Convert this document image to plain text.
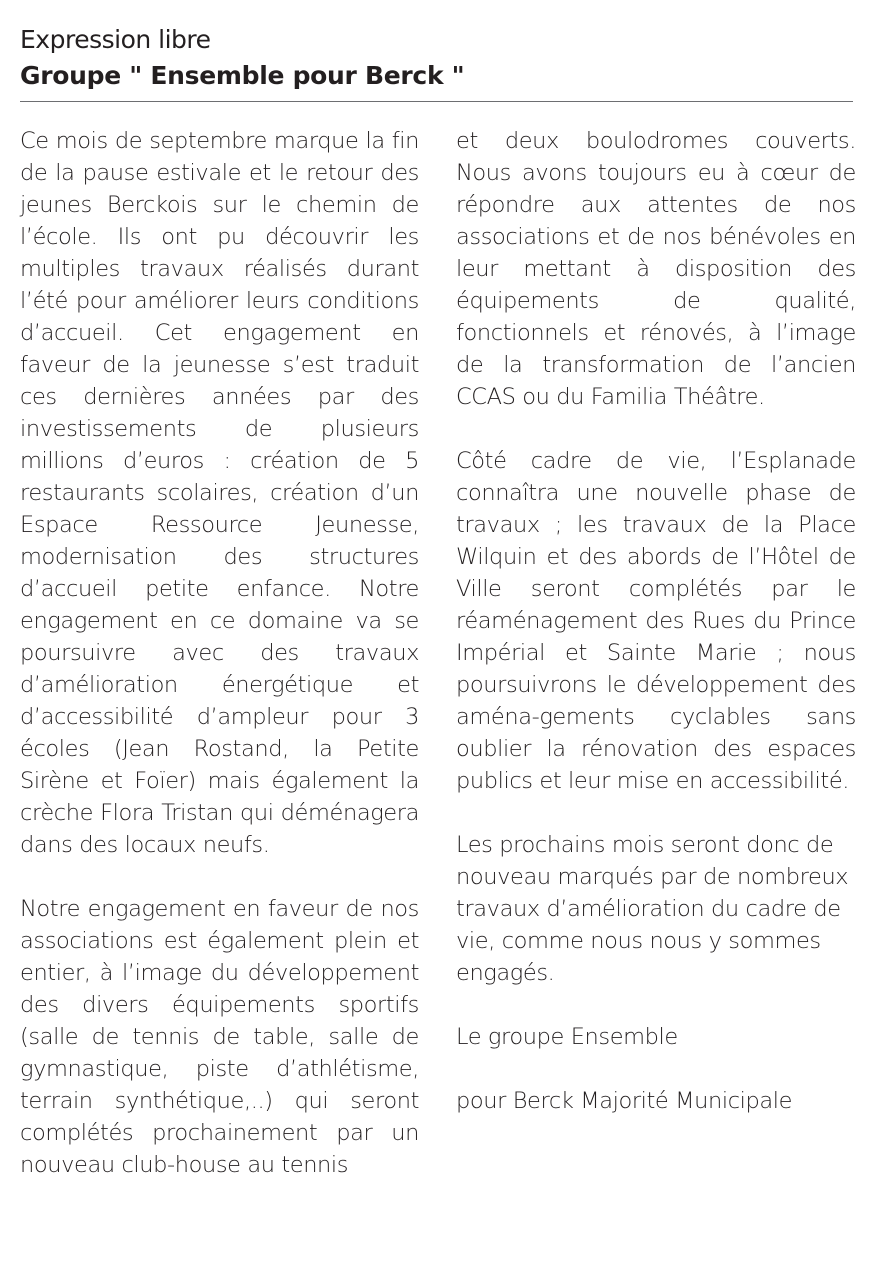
Expression libre
Groupe " Ensemble pour Berck "

Ce mois de septembre marque la fin de la pause estivale et le retour des jeunes Berckois sur le chemin de l’école. Ils ont pu découvrir les multiples travaux réalisés durant l’été pour améliorer leurs conditions d’accueil. Cet engagement en faveur de la jeunesse s’est traduit ces dernières années par des investissements de plusieurs millions d’euros : création de 5 restaurants scolaires, création d’un Espace Ressource Jeunesse, modernisation des structures d’accueil petite enfance. Notre engagement en ce domaine va se poursuivre avec des travaux d’amélioration énergétique et d’accessibilité d’ampleur pour 3 écoles (Jean Rostand, la Petite Sirène et Foïer) mais également la crèche Flora Tristan qui déménagera dans des locaux neufs.

Notre engagement en faveur de nos associations est également plein et entier, à l’image du développement des divers équipements sportifs (salle de tennis de table, salle de gymnastique, piste d’athlétisme, terrain synthétique,..) qui seront complétés prochainement par un nouveau club-house au tennis

et deux boulodromes couverts. Nous avons toujours eu à cœur de répondre aux attentes de nos associations et de nos bénévoles en leur mettant à disposition des équipements de qualité, fonctionnels et rénovés, à l’image de la transformation de l’ancien CCAS ou du Familia Théâtre.

Côté cadre de vie, l’Esplanade connaîtra une nouvelle phase de travaux ; les travaux de la Place Wilquin et des abords de l’Hôtel de Ville seront complétés par le réaménagement des Rues du Prince Impérial et Sainte Marie ; nous poursuivrons le développement des aména-gements cyclables sans oublier la rénovation des espaces publics et leur mise en accessibilité.

Les prochains mois seront donc de nouveau marqués par de nombreux travaux d’amélioration du cadre de vie, comme nous nous y sommes engagés.

Le groupe Ensemble

pour Berck Majorité Municipale
